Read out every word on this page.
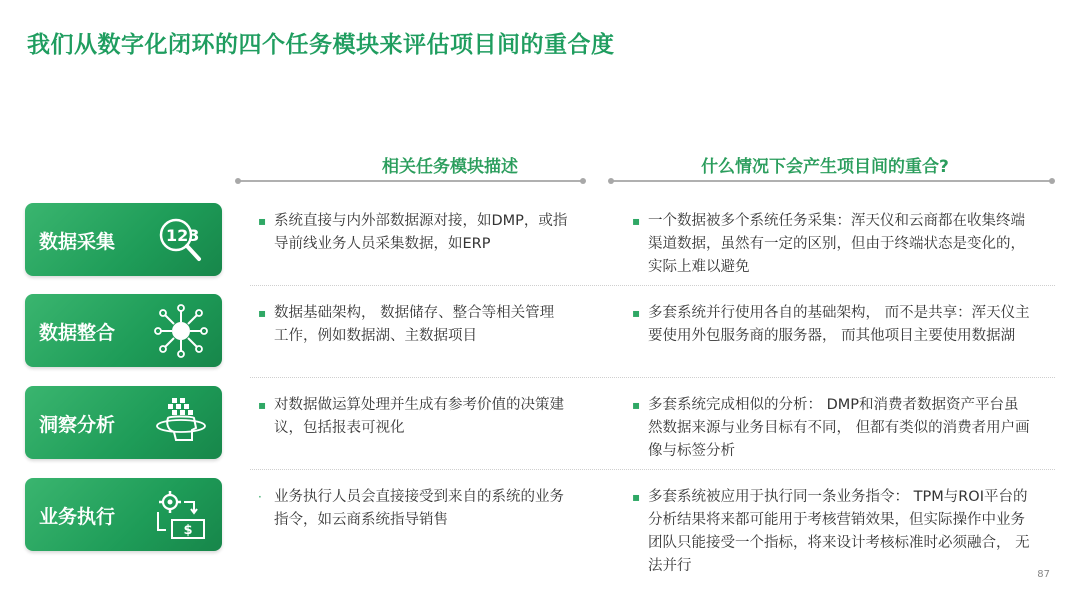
我们从数字化闭环的四个任务模块来评估项目间的重合度
相关任务模块描述	什么情况下会产生项目间的重合?
数据采集	123
▪ 系统直接与内外部数据源对接，如DMP，或指导前线业务人员采集数据，如ERP
▪ 一个数据被多个系统任务采集：浑天仪和云商都在收集终端渠道数据，虽然有一定的区别，但由于终端状态是变化的，实际上难以避免
数据整合
▪ 数据基础架构， 数据储存、整合等相关管理工作，例如数据湖、主数据项目
▪ 多套系统并行使用各自的基础架构， 而不是共享：浑天仪主要使用外包服务商的服务器， 而其他项目主要使用数据湖
洞察分析
▪ 对数据做运算处理并生成有参考价值的决策建议，包括报表可视化
▪ 多套系统完成相似的分析： DMP和消费者数据资产平台虽然数据来源与业务目标有不同， 但都有类似的消费者用户画像与标签分析
业务执行
$
· 业务执行人员会直接接受到来自的系统的业务指令，如云商系统指导销售
▪ 多套系统被应用于执行同一条业务指令： TPM与ROI平台的分析结果将来都可能用于考核营销效果，但实际操作中业务团队只能接受一个指标，将来设计考核标准时必须融合， 无法并行
87
